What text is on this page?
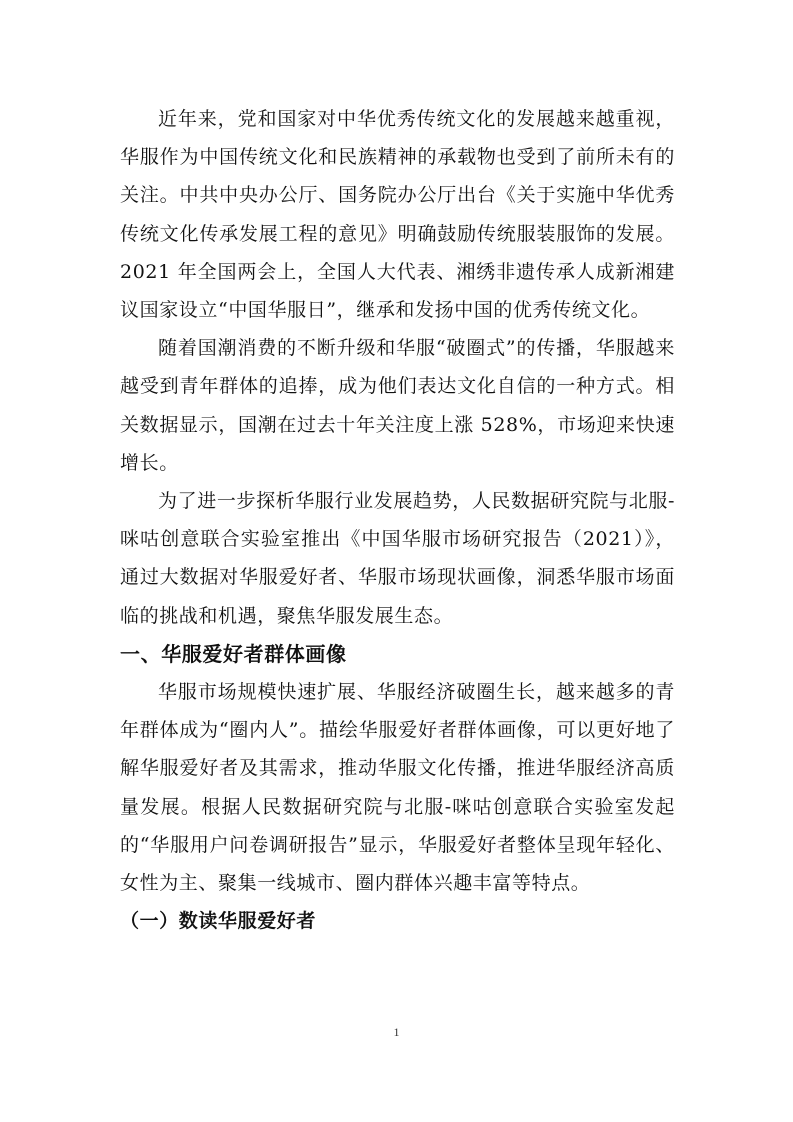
近年来，党和国家对中华优秀传统文化的发展越来越重视，华服作为中国传统文化和民族精神的承载物也受到了前所未有的关注。中共中央办公厅、国务院办公厅出台《关于实施中华优秀传统文化传承发展工程的意见》明确鼓励传统服装服饰的发展。2021 年全国两会上，全国人大代表、湘绣非遗传承人成新湘建议国家设立“中国华服日”，继承和发扬中国的优秀传统文化。

随着国潮消费的不断升级和华服“破圈式”的传播，华服越来越受到青年群体的追捧，成为他们表达文化自信的一种方式。相关数据显示，国潮在过去十年关注度上涨 528%，市场迎来快速增长。

为了进一步探析华服行业发展趋势，人民数据研究院与北服-咪咕创意联合实验室推出《中国华服市场研究报告（2021）》，通过大数据对华服爱好者、华服市场现状画像，洞悉华服市场面临的挑战和机遇，聚焦华服发展生态。

一、华服爱好者群体画像

华服市场规模快速扩展、华服经济破圈生长，越来越多的青年群体成为“圈内人”。描绘华服爱好者群体画像，可以更好地了解华服爱好者及其需求，推动华服文化传播，推进华服经济高质量发展。根据人民数据研究院与北服-咪咕创意联合实验室发起的“华服用户问卷调研报告”显示，华服爱好者整体呈现年轻化、女性为主、聚集一线城市、圈内群体兴趣丰富等特点。

（一）数读华服爱好者
1
